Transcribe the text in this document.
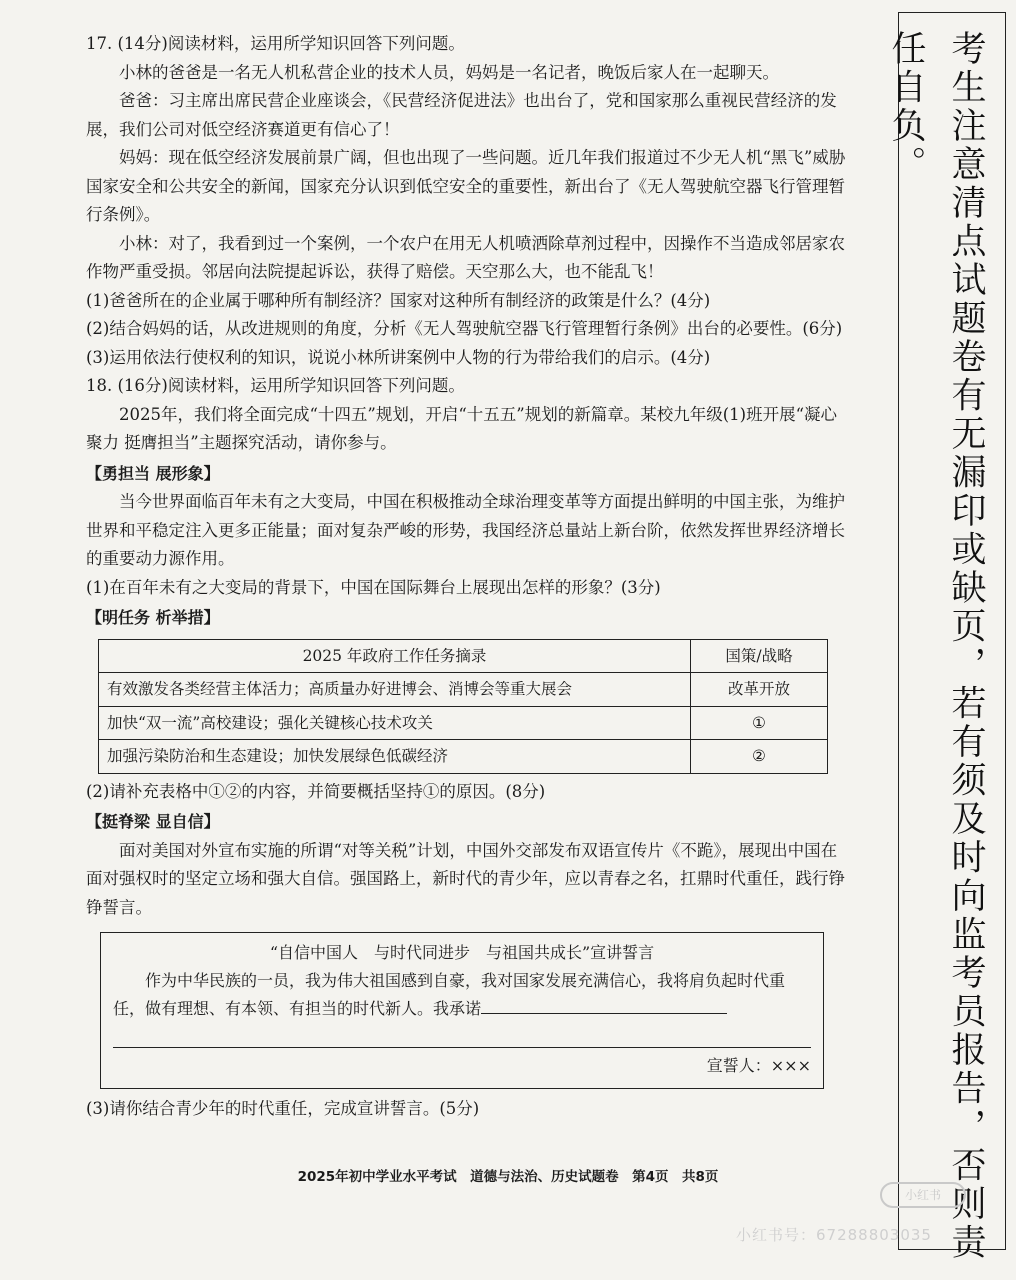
17. (14分)阅读材料，运用所学知识回答下列问题。

小林的爸爸是一名无人机私营企业的技术人员，妈妈是一名记者，晚饭后家人在一起聊天。

爸爸：习主席出席民营企业座谈会，《民营经济促进法》也出台了，党和国家那么重视民营经济的发展，我们公司对低空经济赛道更有信心了！

妈妈：现在低空经济发展前景广阔，但也出现了一些问题。近几年我们报道过不少无人机“黑飞”威胁国家安全和公共安全的新闻，国家充分认识到低空安全的重要性，新出台了《无人驾驶航空器飞行管理暂行条例》。

小林：对了，我看到过一个案例，一个农户在用无人机喷洒除草剂过程中，因操作不当造成邻居家农作物严重受损。邻居向法院提起诉讼，获得了赔偿。天空那么大，也不能乱飞！

(1)爸爸所在的企业属于哪种所有制经济？国家对这种所有制经济的政策是什么？(4分)

(2)结合妈妈的话，从改进规则的角度，分析《无人驾驶航空器飞行管理暂行条例》出台的必要性。(6分)

(3)运用依法行使权利的知识，说说小林所讲案例中人物的行为带给我们的启示。(4分)

18. (16分)阅读材料，运用所学知识回答下列问题。

2025年，我们将全面完成“十四五”规划，开启“十五五”规划的新篇章。某校九年级(1)班开展“凝心聚力 挺膺担当”主题探究活动，请你参与。

【勇担当 展形象】

当今世界面临百年未有之大变局，中国在积极推动全球治理变革等方面提出鲜明的中国主张，为维护世界和平稳定注入更多正能量；面对复杂严峻的形势，我国经济总量站上新台阶，依然发挥世界经济增长的重要动力源作用。

(1)在百年未有之大变局的背景下，中国在国际舞台上展现出怎样的形象？(3分)

【明任务 析举措】

2025 年政府工作任务摘录	国策/战略
有效激发各类经营主体活力；高质量办好进博会、消博会等重大展会	改革开放
加快“双一流”高校建设；强化关键核心技术攻关	①
加强污染防治和生态建设；加快发展绿色低碳经济	②

(2)请补充表格中①②的内容，并简要概括坚持①的原因。(8分)

【挺脊梁 显自信】

面对美国对外宣布实施的所谓“对等关税”计划，中国外交部发布双语宣传片《不跪》，展现出中国在面对强权时的坚定立场和强大自信。强国路上，新时代的青少年，应以青春之名，扛鼎时代重任，践行铮铮誓言。

“自信中国人　与时代同进步　与祖国共成长”宣讲誓言
作为中华民族的一员，我为伟大祖国感到自豪，我对国家发展充满信心，我将肩负起时代重任，做有理想、有本领、有担当的时代新人。我承诺
宣誓人：×××

(3)请你结合青少年的时代重任，完成宣讲誓言。(5分)

2025年初中学业水平考试　道德与法治、历史试题卷　第4页　共8页	考生注意清点试题卷有无漏印或缺页，若有须及时向监考员报告，否则责任自负。
小红书
小红书号：67288803035
